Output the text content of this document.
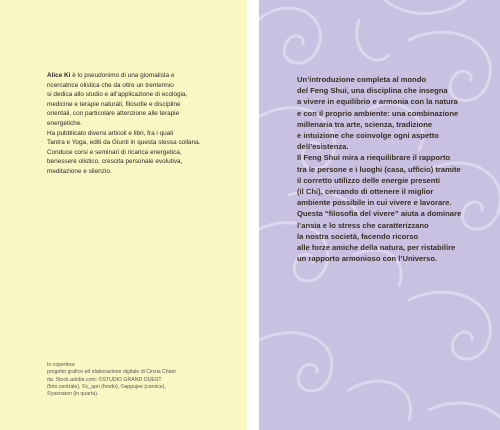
Alice Ki è lo pseudonimo di una giornalista e
ricercatrice olistica che da oltre un trentennio
si dedica allo studio e all’applicazione di ecologia,
medicine e terapie naturali, filosofie e discipline
orientali, con particolare attenzione alle terapie
energetiche.
Ha pubblicato diversi articoli e libri, fra i quali
Tantra e Yoga, editi da Giunti in questa stessa collana.
Conduce corsi e seminari di ricarica energetica,
benessere olistico, crescita personale evolutiva,
meditazione e silenzio.

In copertina:
progetto grafico ed elaborazione digitale di Cinzia Chiari
da: Stock.adobe.com: ©STUDIO GRAND OUEST
(foto centrale), ©c_apri (fondo), ©appujee (cornice),
©yasnaten (in quarta).
Un’introduzione completa al mondo
del Feng Shui, una disciplina che insegna
a vivere in equilibrio e armonia con la natura
e con il proprio ambiente: una combinazione
millenaria tra arte, scienza, tradizione
e intuizione che coinvolge ogni aspetto
dell’esistenza.
Il Feng Shui mira a riequilibrare il rapporto
tra le persone e i luoghi (casa, ufficio) tramite
il corretto utilizzo delle energie presenti
(il Chi), cercando di ottenere il miglior
ambiente possibile in cui vivere e lavorare.
Questa “filosofia del vivere” aiuta a dominare
l’ansia e lo stress che caratterizzano
la nostra società, facendo ricorso
alle forze amiche della natura, per ristabilire
un rapporto armonioso con l’Universo.
